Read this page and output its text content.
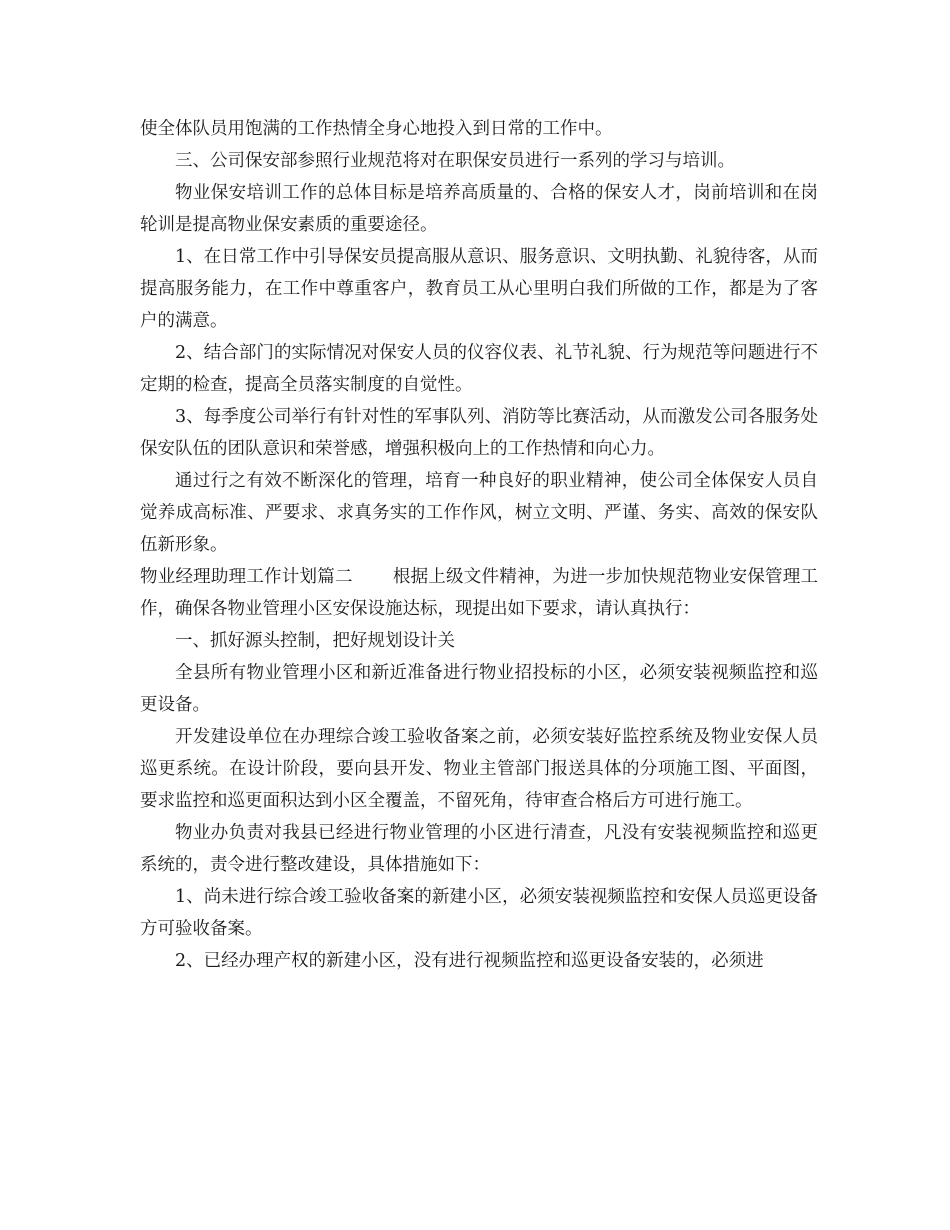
使全体队员用饱满的工作热情全身心地投入到日常的工作中。

三、公司保安部参照行业规范将对在职保安员进行一系列的学习与培训。

物业保安培训工作的总体目标是培养高质量的、合格的保安人才，岗前培训和在岗轮训是提高物业保安素质的重要途径。

1、在日常工作中引导保安员提高服从意识、服务意识、文明执勤、礼貌待客，从而提高服务能力，在工作中尊重客户，教育员工从心里明白我们所做的工作，都是为了客户的满意。

2、结合部门的实际情况对保安人员的仪容仪表、礼节礼貌、行为规范等问题进行不定期的检查，提高全员落实制度的自觉性。

3、每季度公司举行有针对性的军事队列、消防等比赛活动，从而激发公司各服务处保安队伍的团队意识和荣誉感，增强积极向上的工作热情和向心力。

通过行之有效不断深化的管理，培育一种良好的职业精神，使公司全体保安人员自觉养成高标准、严要求、求真务实的工作作风，树立文明、严谨、务实、高效的保安队伍新形象。

物业经理助理工作计划篇二 根据上级文件精神，为进一步加快规范物业安保管理工作，确保各物业管理小区安保设施达标，现提出如下要求，请认真执行：

一、抓好源头控制，把好规划设计关

全县所有物业管理小区和新近准备进行物业招投标的小区，必须安装视频监控和巡更设备。

开发建设单位在办理综合竣工验收备案之前，必须安装好监控系统及物业安保人员巡更系统。在设计阶段，要向县开发、物业主管部门报送具体的分项施工图、平面图，要求监控和巡更面积达到小区全覆盖，不留死角，待审查合格后方可进行施工。

物业办负责对我县已经进行物业管理的小区进行清查，凡没有安装视频监控和巡更系统的，责令进行整改建设，具体措施如下：

1、尚未进行综合竣工验收备案的新建小区，必须安装视频监控和安保人员巡更设备方可验收备案。

2、已经办理产权的新建小区，没有进行视频监控和巡更设备安装的，必须进
